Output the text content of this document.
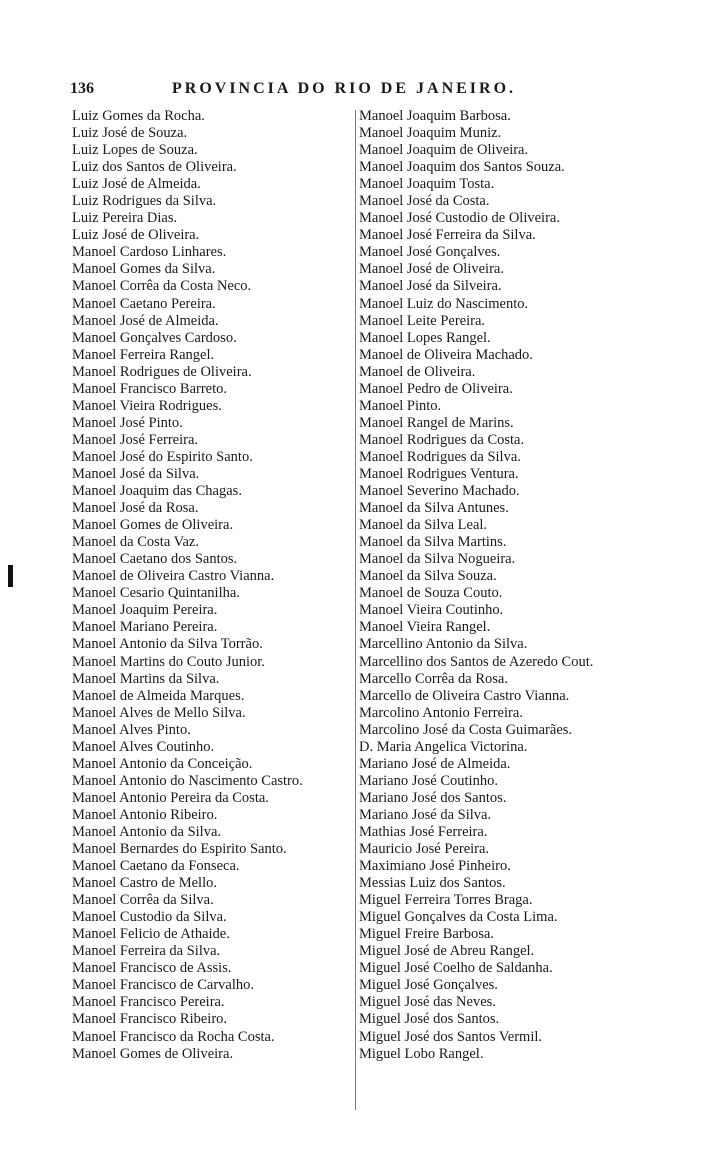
136	PROVINCIA DO RIO DE JANEIRO.
Luiz Gomes da Rocha.
Luiz José de Souza.
Luiz Lopes de Souza.
Luiz dos Santos de Oliveira.
Luiz José de Almeida.
Luiz Rodrigues da Silva.
Luiz Pereira Dias.
Luiz José de Oliveira.
Manoel Cardoso Linhares.
Manoel Gomes da Silva.
Manoel Corrêa da Costa Neco.
Manoel Caetano Pereira.
Manoel José de Almeida.
Manoel Gonçalves Cardoso.
Manoel Ferreira Rangel.
Manoel Rodrigues de Oliveira.
Manoel Francisco Barreto.
Manoel Vieira Rodrigues.
Manoel José Pinto.
Manoel José Ferreira.
Manoel José do Espirito Santo.
Manoel José da Silva.
Manoel Joaquim das Chagas.
Manoel José da Rosa.
Manoel Gomes de Oliveira.
Manoel da Costa Vaz.
Manoel Caetano dos Santos.
Manoel de Oliveira Castro Vianna.
Manoel Cesario Quintanilha.
Manoel Joaquim Pereira.
Manoel Mariano Pereira.
Manoel Antonio da Silva Torrão.
Manoel Martins do Couto Junior.
Manoel Martins da Silva.
Manoel de Almeida Marques.
Manoel Alves de Mello Silva.
Manoel Alves Pinto.
Manoel Alves Coutinho.
Manoel Antonio da Conceição.
Manoel Antonio do Nascimento Castro.
Manoel Antonio Pereira da Costa.
Manoel Antonio Ribeiro.
Manoel Antonio da Silva.
Manoel Bernardes do Espirito Santo.
Manoel Caetano da Fonseca.
Manoel Castro de Mello.
Manoel Corrêa da Silva.
Manoel Custodio da Silva.
Manoel Felicio de Athaide.
Manoel Ferreira da Silva.
Manoel Francisco de Assis.
Manoel Francisco de Carvalho.
Manoel Francisco Pereira.
Manoel Francisco Ribeiro.
Manoel Francisco da Rocha Costa.
Manoel Gomes de Oliveira.
Manoel Joaquim Barbosa.
Manoel Joaquim Muniz.
Manoel Joaquim de Oliveira.
Manoel Joaquim dos Santos Souza.
Manoel Joaquim Tosta.
Manoel José da Costa.
Manoel José Custodio de Oliveira.
Manoel José Ferreira da Silva.
Manoel José Gonçalves.
Manoel José de Oliveira.
Manoel José da Silveira.
Manoel Luiz do Nascimento.
Manoel Leite Pereira.
Manoel Lopes Rangel.
Manoel de Oliveira Machado.
Manoel de Oliveira.
Manoel Pedro de Oliveira.
Manoel Pinto.
Manoel Rangel de Marins.
Manoel Rodrigues da Costa.
Manoel Rodrigues da Silva.
Manoel Rodrigues Ventura.
Manoel Severino Machado.
Manoel da Silva Antunes.
Manoel da Silva Leal.
Manoel da Silva Martins.
Manoel da Silva Nogueira.
Manoel da Silva Souza.
Manoel de Souza Couto.
Manoel Vieira Coutinho.
Manoel Vieira Rangel.
Marcellino Antonio da Silva.
Marcellino dos Santos de Azeredo Cout.
Marcello Corrêa da Rosa.
Marcello de Oliveira Castro Vianna.
Marcolino Antonio Ferreira.
Marcolino José da Costa Guimarães.
D. Maria Angelica Victorina.
Mariano José de Almeida.
Mariano José Coutinho.
Mariano José dos Santos.
Mariano José da Silva.
Mathias José Ferreira.
Mauricio José Pereira.
Maximiano José Pinheiro.
Messias Luiz dos Santos.
Miguel Ferreira Torres Braga.
Miguel Gonçalves da Costa Lima.
Miguel Freire Barbosa.
Miguel José de Abreu Rangel.
Miguel José Coelho de Saldanha.
Miguel José Gonçalves.
Miguel José das Neves.
Miguel José dos Santos.
Miguel José dos Santos Vermil.
Miguel Lobo Rangel.
